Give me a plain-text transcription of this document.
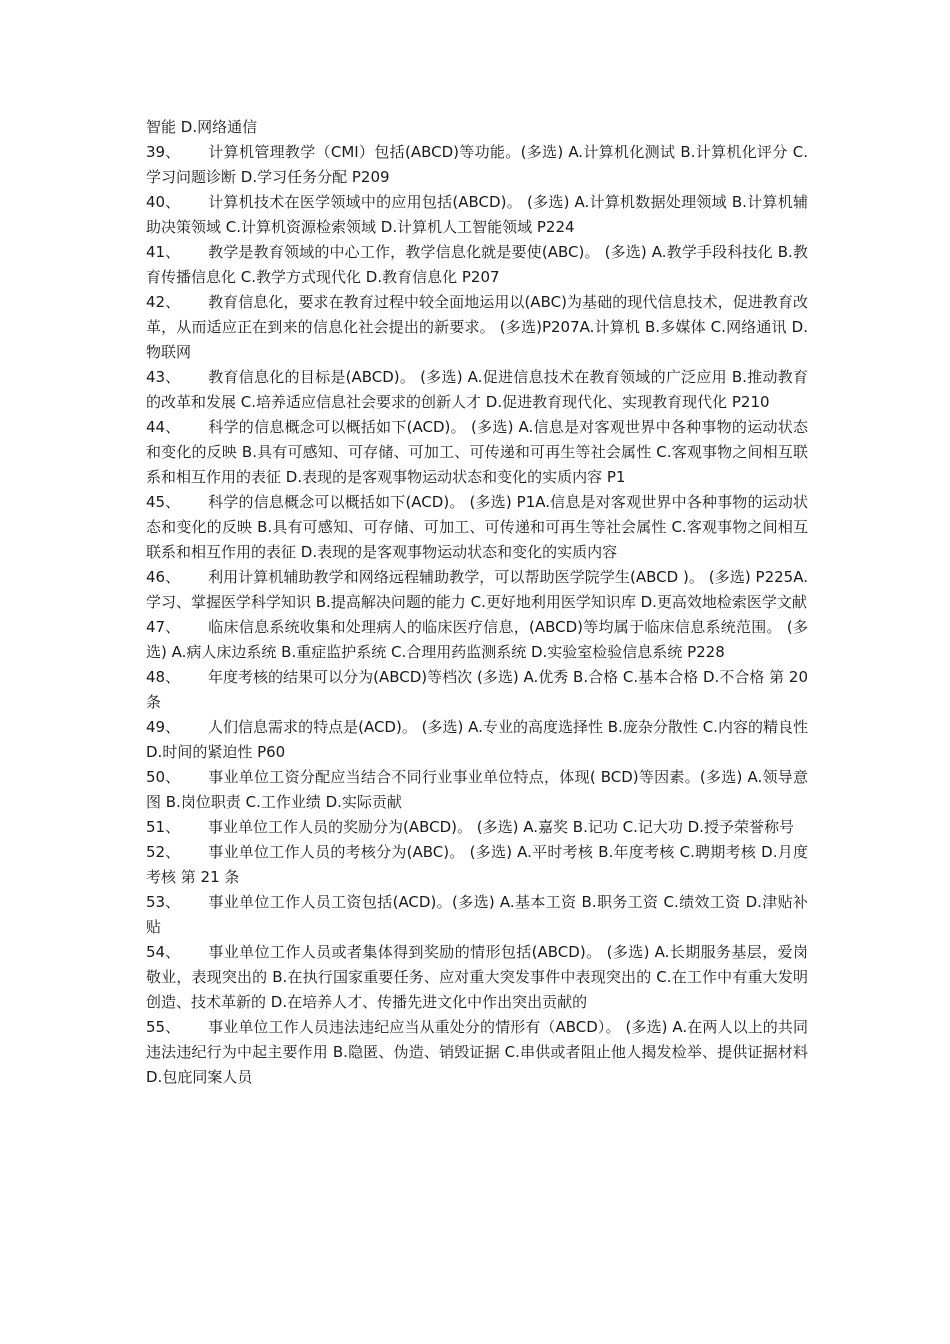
智能 D.网络通信

39、 计算机管理教学（CMI）包括(ABCD)等功能。(多选) A.计算机化测试 B.计算机化评分 C.学习问题诊断 D.学习任务分配 P209

40、 计算机技术在医学领域中的应用包括(ABCD)。 (多选) A.计算机数据处理领域 B.计算机辅助决策领域 C.计算机资源检索领域 D.计算机人工智能领域 P224

41、 教学是教育领域的中心工作，教学信息化就是要使(ABC)。 (多选) A.教学手段科技化 B.教育传播信息化 C.教学方式现代化 D.教育信息化 P207

42、 教育信息化，要求在教育过程中较全面地运用以(ABC)为基础的现代信息技术，促进教育改革，从而适应正在到来的信息化社会提出的新要求。 (多选)P207A.计算机 B.多媒体 C.网络通讯 D.物联网

43、 教育信息化的目标是(ABCD)。 (多选) A.促进信息技术在教育领域的广泛应用 B.推动教育的改革和发展 C.培养适应信息社会要求的创新人才 D.促进教育现代化、实现教育现代化 P210

44、 科学的信息概念可以概括如下(ACD)。 (多选) A.信息是对客观世界中各种事物的运动状态和变化的反映 B.具有可感知、可存储、可加工、可传递和可再生等社会属性 C.客观事物之间相互联系和相互作用的表征 D.表现的是客观事物运动状态和变化的实质内容 P1

45、 科学的信息概念可以概括如下(ACD)。 (多选) P1A.信息是对客观世界中各种事物的运动状态和变化的反映 B.具有可感知、可存储、可加工、可传递和可再生等社会属性 C.客观事物之间相互联系和相互作用的表征 D.表现的是客观事物运动状态和变化的实质内容

46、 利用计算机辅助教学和网络远程辅助教学，可以帮助医学院学生(ABCD )。 (多选) P225A.学习、掌握医学科学知识 B.提高解决问题的能力 C.更好地利用医学知识库 D.更高效地检索医学文献

47、 临床信息系统收集和处理病人的临床医疗信息，(ABCD)等均属于临床信息系统范围。 (多选) A.病人床边系统 B.重症监护系统 C.合理用药监测系统 D.实验室检验信息系统 P228

48、 年度考核的结果可以分为(ABCD)等档次 (多选) A.优秀 B.合格 C.基本合格 D.不合格 第 20 条

49、 人们信息需求的特点是(ACD)。 (多选) A.专业的高度选择性 B.庞杂分散性 C.内容的精良性 D.时间的紧迫性 P60

50、 事业单位工资分配应当结合不同行业事业单位特点，体现( BCD)等因素。(多选) A.领导意图 B.岗位职责 C.工作业绩 D.实际贡献

51、 事业单位工作人员的奖励分为(ABCD)。 (多选) A.嘉奖 B.记功 C.记大功 D.授予荣誉称号

52、 事业单位工作人员的考核分为(ABC)。 (多选) A.平时考核 B.年度考核 C.聘期考核 D.月度考核 第 21 条

53、 事业单位工作人员工资包括(ACD)。(多选) A.基本工资 B.职务工资 C.绩效工资 D.津贴补贴

54、 事业单位工作人员或者集体得到奖励的情形包括(ABCD)。 (多选) A.长期服务基层，爱岗敬业，表现突出的 B.在执行国家重要任务、应对重大突发事件中表现突出的 C.在工作中有重大发明创造、技术革新的 D.在培养人才、传播先进文化中作出突出贡献的

55、 事业单位工作人员违法违纪应当从重处分的情形有（ABCD）。 (多选) A.在两人以上的共同违法违纪行为中起主要作用 B.隐匿、伪造、销毁证据 C.串供或者阻止他人揭发检举、提供证据材料 D.包庇同案人员
